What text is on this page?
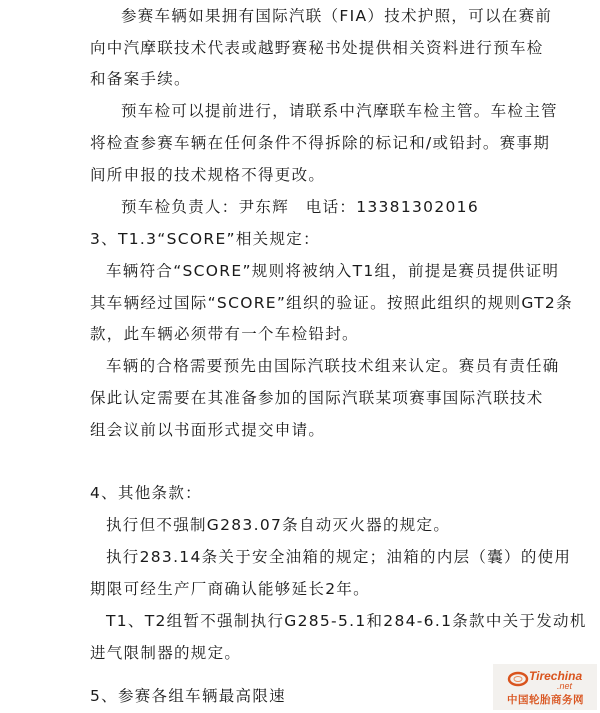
参赛车辆如果拥有国际汽联（FIA）技术护照，可以在赛前
向中汽摩联技术代表或越野赛秘书处提供相关资料进行预车检
和备案手续。
预车检可以提前进行，请联系中汽摩联车检主管。车检主管
将检查参赛车辆在任何条件不得拆除的标记和/或铅封。赛事期
间所申报的技术规格不得更改。
预车检负责人：尹东辉　电话：13381302016
3、T1.3“SCORE”相关规定：
车辆符合“SCORE”规则将被纳入T1组，前提是赛员提供证明
其车辆经过国际“SCORE”组织的验证。按照此组织的规则GT2条
款，此车辆必须带有一个车检铅封。
车辆的合格需要预先由国际汽联技术组来认定。赛员有责任确
保此认定需要在其准备参加的国际汽联某项赛事国际汽联技术
组会议前以书面形式提交申请。
4、其他条款：
执行但不强制G283.07条自动灭火器的规定。
执行283.14条关于安全油箱的规定；油箱的内层（囊）的使用
期限可经生产厂商确认能够延长2年。
T1、T2组暂不强制执行G285-5.1和284-6.1条款中关于发动机
进气限制器的规定。
5、参赛各组车辆最高限速
Tirechina
.net
中国轮胎商务网
